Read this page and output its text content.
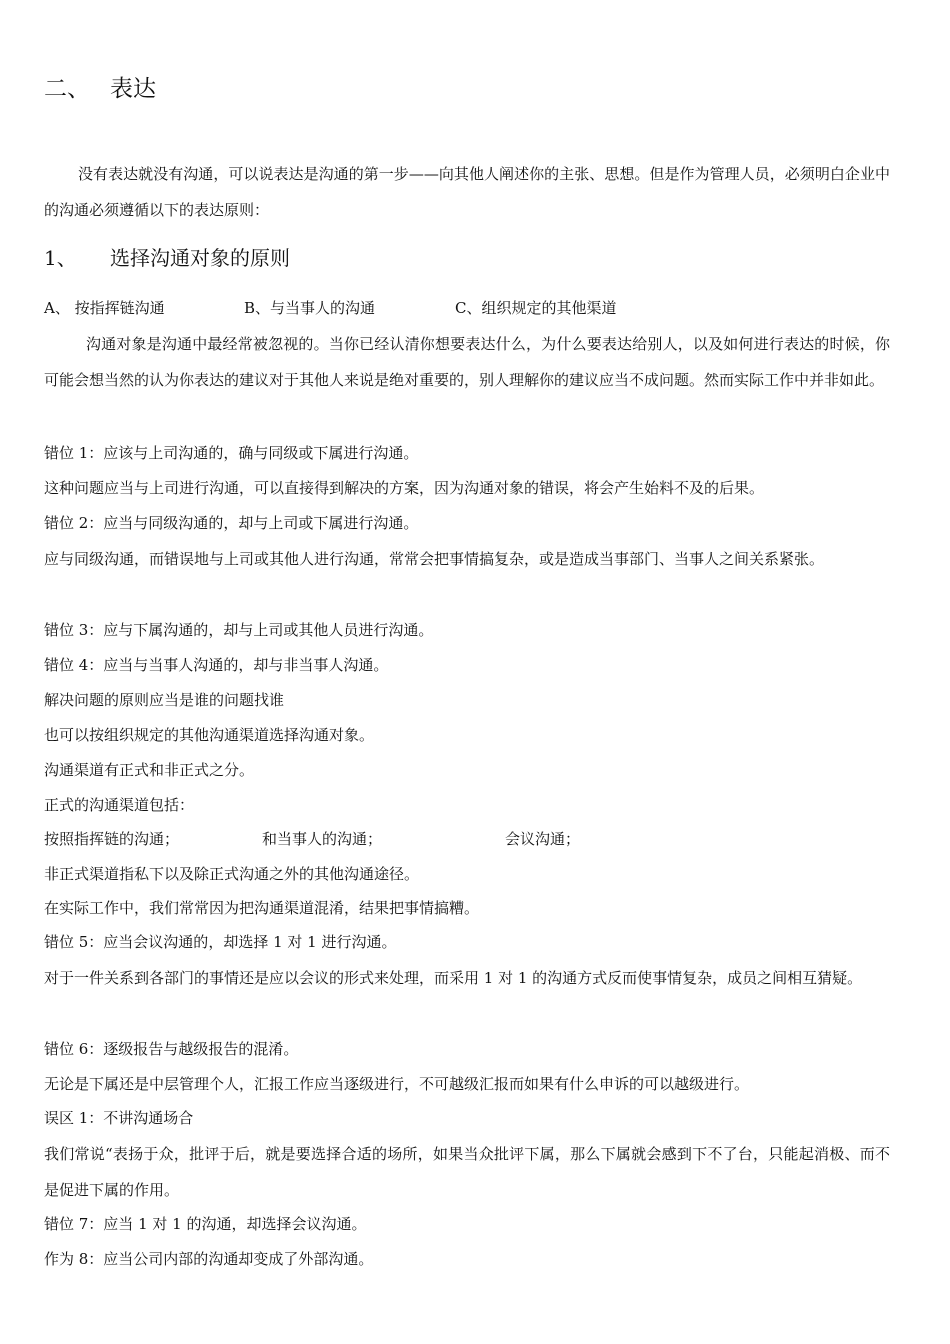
二、 表达
没有表达就没有沟通，可以说表达是沟通的第一步——向其他人阐述你的主张、思想。但是作为管理人员，必须明白企业中的沟通必须遵循以下的表达原则：
1、 选择沟通对象的原则
A、 按指挥链沟通	B、与当事人的沟通	C、组织规定的其他渠道
沟通对象是沟通中最经常被忽视的。当你已经认清你想要表达什么，为什么要表达给别人，以及如何进行表达的时候，你可能会想当然的认为你表达的建议对于其他人来说是绝对重要的，别人理解你的建议应当不成问题。然而实际工作中并非如此。
错位 1：应该与上司沟通的，确与同级或下属进行沟通。
这种问题应当与上司进行沟通，可以直接得到解决的方案，因为沟通对象的错误，将会产生始料不及的后果。
错位 2：应当与同级沟通的，却与上司或下属进行沟通。
应与同级沟通，而错误地与上司或其他人进行沟通，常常会把事情搞复杂，或是造成当事部门、当事人之间关系紧张。
错位 3：应与下属沟通的，却与上司或其他人员进行沟通。
错位 4：应当与当事人沟通的，却与非当事人沟通。
解决问题的原则应当是谁的问题找谁
也可以按组织规定的其他沟通渠道选择沟通对象。
沟通渠道有正式和非正式之分。
正式的沟通渠道包括：
按照指挥链的沟通；	和当事人的沟通；	会议沟通；
非正式渠道指私下以及除正式沟通之外的其他沟通途径。
在实际工作中，我们常常因为把沟通渠道混淆，结果把事情搞糟。
错位 5：应当会议沟通的，却选择 1 对 1 进行沟通。
对于一件关系到各部门的事情还是应以会议的形式来处理，而采用 1 对 1 的沟通方式反而使事情复杂，成员之间相互猜疑。
错位 6：逐级报告与越级报告的混淆。
无论是下属还是中层管理个人，汇报工作应当逐级进行，不可越级汇报而如果有什么申诉的可以越级进行。
误区 1：不讲沟通场合
我们常说“表扬于众，批评于后，就是要选择合适的场所，如果当众批评下属，那么下属就会感到下不了台，只能起消极、而不是促进下属的作用。
错位 7：应当 1 对 1 的沟通，却选择会议沟通。
作为 8：应当公司内部的沟通却变成了外部沟通。
